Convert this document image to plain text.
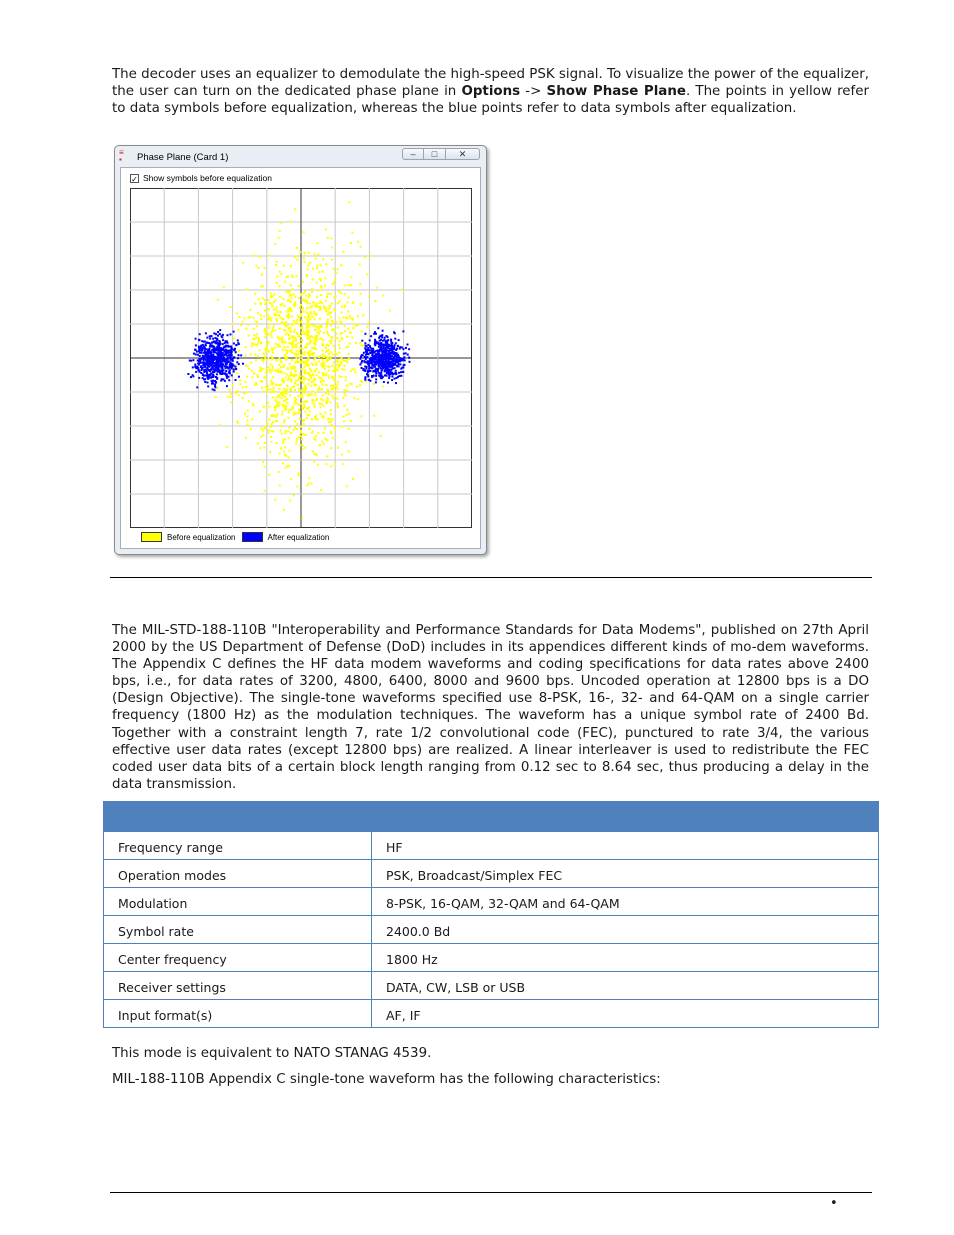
The decoder uses an equalizer to demodulate the high-speed PSK signal. To visualize the power of the equalizer, the user can turn on the dedicated phase plane in Options -> Show Phase Plane. The points in yellow refer to data symbols before equalization, whereas the blue points refer to data symbols after equalization.

≡
▪	Phase Plane (Card 1)	–	□	✕
✓ Show symbols before equalization
Before equalization	After equalization

The MIL-STD-188-110B "Interoperability and Performance Standards for Data Modems", published on 27th April 2000 by the US Department of Defense (DoD) includes in its appendices different kinds of mo-dem waveforms. The Appendix C defines the HF data modem waveforms and coding specifications for data rates above 2400 bps, i.e., for data rates of 3200, 4800, 6400, 8000 and 9600 bps. Uncoded operation at 12800 bps is a DO (Design Objective). The single-tone waveforms specified use 8-PSK, 16-, 32- and 64-QAM on a single carrier frequency (1800 Hz) as the modulation techniques. The waveform has a unique symbol rate of 2400 Bd. Together with a constraint length 7, rate 1/2 convolutional code (FEC), punctured to rate 3/4, the various effective user data rates (except 12800 bps) are realized. A linear interleaver is used to redistribute the FEC coded user data bits of a certain block length ranging from 0.12 sec to 8.64 sec, thus producing a delay in the data transmission.

Frequency range	HF
Operation modes	PSK, Broadcast/Simplex FEC
Modulation	8-PSK, 16-QAM, 32-QAM and 64-QAM
Symbol rate	2400.0 Bd
Center frequency	1800 Hz
Receiver settings	DATA, CW, LSB or USB
Input format(s)	AF, IF

This mode is equivalent to NATO STANAG 4539.

MIL-188-110B Appendix C single-tone waveform has the following characteristics:

•
